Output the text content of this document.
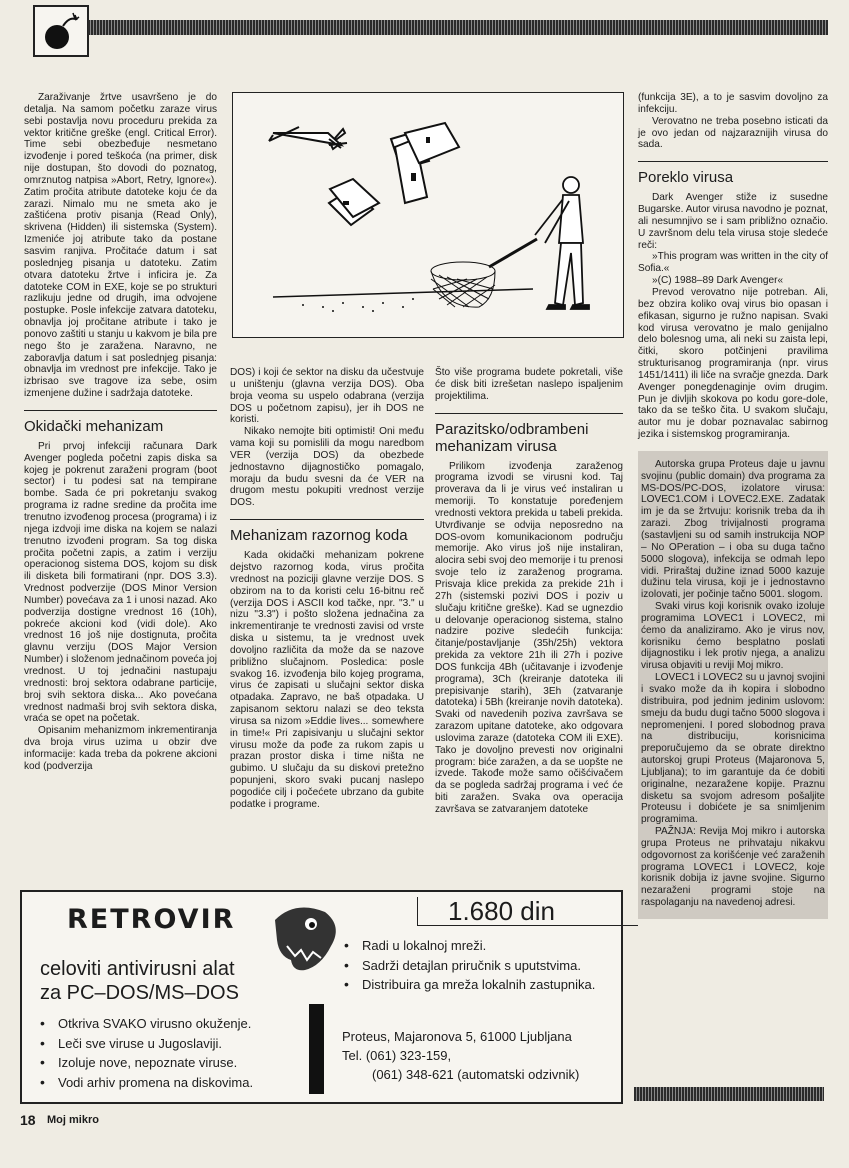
Zaraživanje žrtve usavršeno je do detalja. Na samom početku zaraze virus sebi postavlja novu proceduru prekida za vektor kritične greške (engl. Critical Error). Time sebi obezbeđuje nesmetano izvođenje i pored teškoća (na primer, disk nije dostupan, što dovodi do poznatog, omrznutog natpisa »Abort, Retry, Ignore«). Zatim pročita atribute datoteke koju će da zarazi. Nimalo mu ne smeta ako je zaštićena protiv pisanja (Read Only), skrivena (Hidden) ili sistemska (System). Izmeniće joj atribute tako da postane sasvim ranjiva. Pročitaće datum i sat poslednjeg pisanja u datoteku. Zatim otvara datoteku žrtve i inficira je. Za datoteke COM in EXE, koje se po strukturi razlikuju jedne od drugih, ima odvojene postupke. Posle infekcije zatvara datoteku, obnavlja joj pročitane atribute i tako je ponovo zaštiti u stanju u kakvom je bila pre nego što je zaražena. Naravno, ne zaboravlja datum i sat poslednjeg pisanja: obnavlja im vrednost pre infekcije. Tako je izbrisao sve tragove iza sebe, osim izmenjene dužine i sadržaja datoteke.

Okidački mehanizam

Pri prvoj infekciji računara Dark Avenger pogleda početni zapis diska sa kojeg je pokrenut zaraženi program (boot sector) i tu podesi sat na tempirane bombe. Sada će pri pokretanju svakog programa iz radne sredine da pročita ime trenutno izvođenog procesa (programa) i iz njega izdvoji ime diska na kojem se nalazi trenutno izvođeni program. Sa tog diska pročita početni zapis, a zatim i verziju operacionog sistema DOS, kojom su disk ili disketa bili formatirani (npr. DOS 3.3). Vrednost podverzije (DOS Minor Version Number) povećava za 1 i unosi nazad. Ako podverzija dostigne vrednost 16 (10h), pokreće akcioni kod (vidi dole). Ako vrednost 16 još nije dostignuta, pročita glavnu verziju (DOS Major Version Number) i složenom jednačinom poveća joj vrednost. U toj jednačini nastupaju vrednosti: broj sektora odabrane particije, broj svih sektora diska... Ako povećana vrednost nadmaši broj svih sektora diska, vraća se opet na početak.

Opisanim mehanizmom inkrementiranja dva broja virus uzima u obzir dve informacije: kada treba da pokrene akcioni kod (podverzija

DOS) i koji će sektor na disku da učestvuje u uništenju (glavna verzija DOS). Oba broja veoma su uspelo odabrana (verzija DOS u početnom zapisu), jer ih DOS ne koristi.

Nikako nemojte biti optimisti! Oni među vama koji su pomislili da mogu naredbom VER (verzija DOS) da obezbede jednostavno dijagnostičko pomagalo, moraju da budu svesni da će VER na drugom mestu pokupiti vrednost verzije DOS.

Mehanizam razornog koda

Kada okidački mehanizam pokrene dejstvo razornog koda, virus pročita vrednost na poziciji glavne verzije DOS. S obzirom na to da koristi celu 16-bitnu reč (verzija DOS i ASCII kod tačke, npr. "3." u nizu "3.3") i pošto složena jednačina za inkrementiranje te vrednosti zavisi od vrste diska u sistemu, ta je vrednost uvek dovoljno različita da može da se nazove približno slučajnom. Posledica: posle svakog 16. izvođenja bilo kojeg programa, virus će zapisati u slučajni sektor diska otpadaka. Zapravo, ne baš otpadaka. U zapisanom sektoru nalazi se deo teksta virusa sa nizom »Eddie lives... somewhere in time!« Pri zapisivanju u slučajni sektor virusu može da pođe za rukom zapis u prazan prostor diska i time ništa ne gubimo. U slučaju da su diskovi pretežno popunjeni, skoro svaki pucanj naslepo pogodiće cilj i počećete ubrzano da gubite podatke i programe.

Što više programa budete pokretali, više će disk biti izrešetan naslepo ispaljenim projektilima.

Parazitsko/odbrambeni mehanizam virusa

Prilikom izvođenja zaraženog programa izvodi se virusni kod. Taj proverava da li je virus već instaliran u memoriji. To konstatuje poređenjem vrednosti vektora prekida u tabeli prekida. Utvrđivanje se odvija neposredno na DOS-ovom komunikacionom području memorije. Ako virus još nije instaliran, alocira sebi svoj deo memorije i tu prenosi svoje telo iz zaraženog programa. Prisvaja klice prekida za prekide 21h i 27h (sistemski pozivi DOS i poziv u slučaju kritične greške). Kad se ugnezdio u delovanje operacionog sistema, stalno nadzire pozive sledećih funkcija: čitanje/postavljanje (35h/25h) vektora prekida za vektore 21h ili 27h i pozive DOS funkcija 4Bh (učitavanje i izvođenje programa), 3Ch (kreiranje datoteka ili prepisivanje starih), 3Eh (zatvaranje datoteka) i 5Bh (kreiranje novih datoteka). Svaki od navedenih poziva završava se zarazom upitane datoteke, ako odgovara uslovima zaraze (datoteka COM ili EXE). Tako je dovoljno prevesti nov originalni program: biće zaražen, a da se uopšte ne izvede. Takođe može samo očišćivačem da se pogleda sadržaj programa i već će biti zaražen. Svaka ova operacija završava se zatvaranjem datoteke

(funkcija 3E), a to je sasvim dovoljno za infekciju.

Verovatno ne treba posebno isticati da je ovo jedan od najzaraznijih virusa do sada.

Poreklo virusa

Dark Avenger stiže iz susedne Bugarske. Autor virusa navodno je poznat, ali nesumnjivo se i sam približno označio. U završnom delu tela virusa stoje sledeće reči:

»This program was written in the city of Sofia.«

»(C) 1988–89 Dark Avenger«

Prevod verovatno nije potreban. Ali, bez obzira koliko ovaj virus bio opasan i efikasan, sigurno je ružno napisan. Svaki kod virusa verovatno je malo genijalno delo bolesnog uma, ali neki su zaista lepi, čitki, skoro potčinjeni pravilima strukturisanog programiranja (npr. virus 1451/1411) ili liče na svračje gnezda. Dark Avenger ponegdenaginje ovim drugim. Pun je divljih skokova po kodu gore-dole, tako da se teško čita. U svakom slučaju, autor mu je dobar poznavalac sabirnog jezika i sistemskog programiranja.

Autorska grupa Proteus daje u javnu svojinu (public domain) dva programa za MS-DOS/PC-DOS, izolatore virusa: LOVEC1.COM i LOVEC2.EXE. Zadatak im je da se žrtvuju: korisnik treba da ih zarazi. Zbog trivijalnosti programa (sastavljeni su od samih instrukcija NOP – No OPeration – i oba su duga tačno 5000 slogova), infekcija se odmah lepo vidi. Priraštaj dužine iznad 5000 kazuje dužinu tela virusa, koji je i jednostavno izolovati, jer počinje tačno 5001. slogom.

Svaki virus koji korisnik ovako izoluje programima LOVEC1 i LOVEC2, mi ćemo da analiziramo. Ako je virus nov, korisniku ćemo besplatno poslati dijagnostiku i lek protiv njega, a analizu virusa objaviti u reviji Moj mikro.

LOVEC1 i LOVEC2 su u javnoj svojini i svako može da ih kopira i slobodno distribuira, pod jednim jedinim uslovom: smeju da budu dugi tačno 5000 slogova i nepromenjeni. I pored slobodnog prava na distribuciju, korisnicima preporučujemo da se obrate direktno autorskoj grupi Proteus (Majaronova 5, Ljubljana); to im garantuje da će dobiti originalne, nezaražene kopije. Praznu disketu sa svojom adresom pošaljite Proteusu i dobićete je sa snimljenim programima.

PAŽNJA: Revija Moj mikro i autorska grupa Proteus ne prihvataju nikakvu odgovornost za korišćenje već zaraženih programa LOVEC1 i LOVEC2, koje korisnik dobija iz javne svojine. Sigurno nezaraženi programi stoje na raspolaganju na navedenoj adresi.

RETROVIR	1.680 din
celoviti antivirusni alat
za PC–DOS/MS–DOS
• Otkriva SVAKO virusno okuženje.
• Leči sve viruse u Jugoslaviji.
• Izoluje nove, nepoznate viruse.
• Vodi arhiv promena na diskovima.
• Radi u lokalnoj mreži.
• Sadrži detajlan priručnik s uputstvima.
• Distribuira ga mreža lokalnih zastupnika.
Proteus, Majaronova 5, 61000 Ljubljana
Tel. (061) 323-159,
(061) 348-621 (automatski odzivnik)
18 Moj mikro
